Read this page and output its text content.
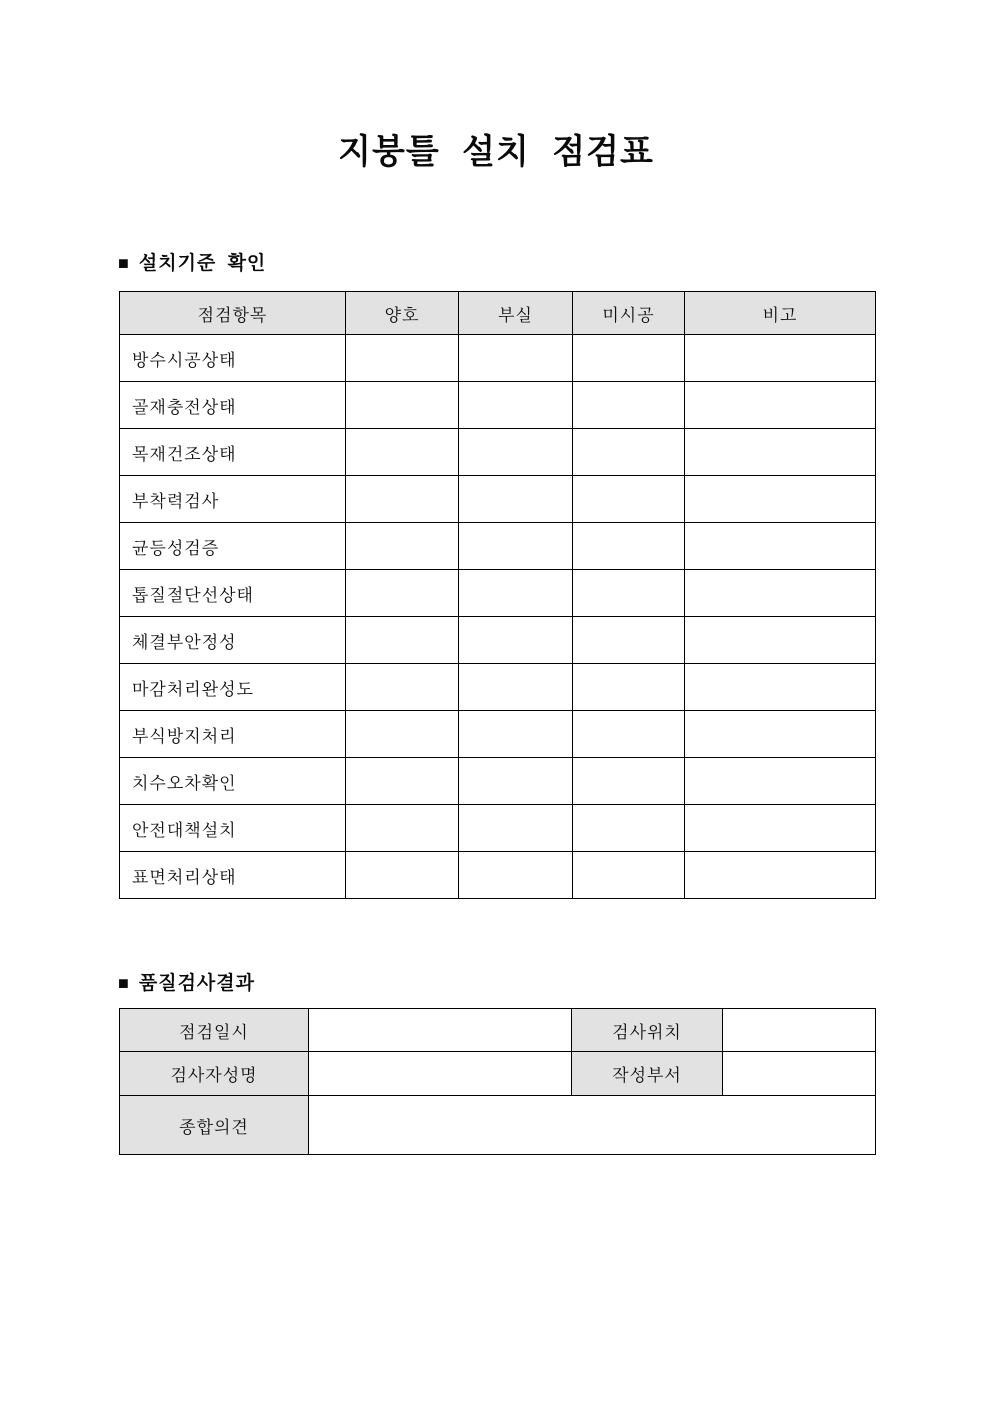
지붕틀 설치 점검표
■ 설치기준 확인
점검항목	양호	부실	미시공	비고
방수시공상태				
골재충전상태				
목재건조상태				
부착력검사				
균등성검증				
톱질절단선상태				
체결부안정성				
마감처리완성도				
부식방지처리				
치수오차확인				
안전대책설치				
표면처리상태				
■ 품질검사결과
점검일시		검사위치	
검사자성명		작성부서	
종합의견			
